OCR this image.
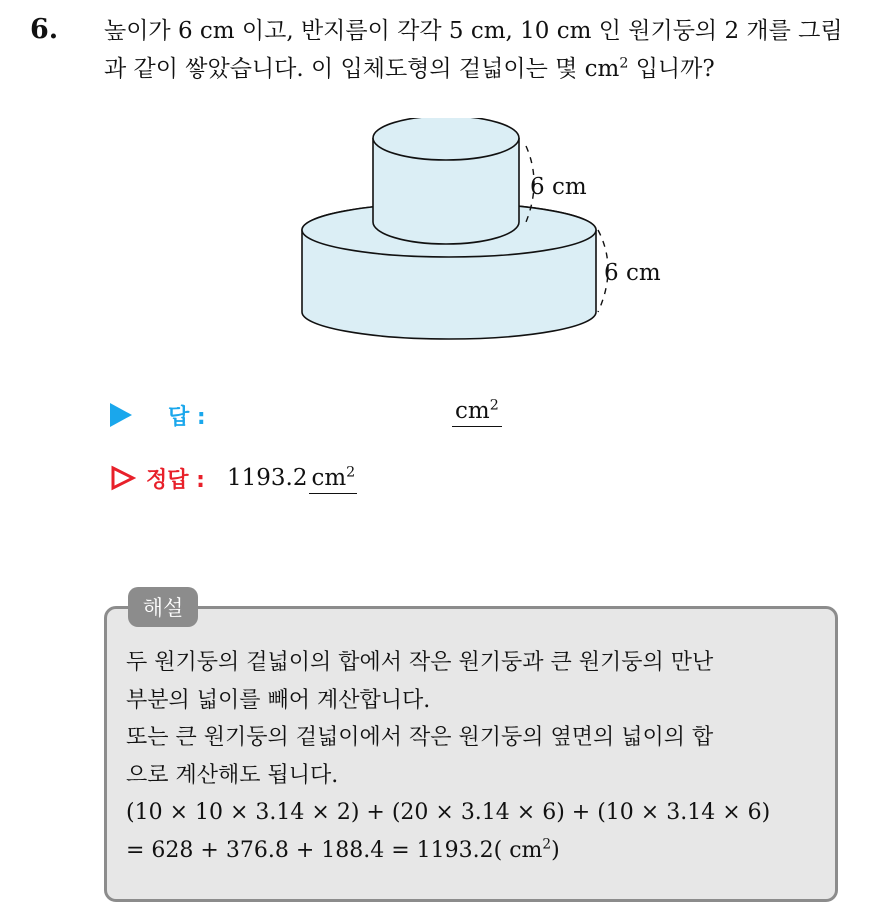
6. 높이가 6 cm 이고, 반지름이 각각 5 cm, 10 cm 인 원기둥의 2 개를 그림
과 같이 쌓았습니다. 이 입체도형의 겉넓이는 몇 $cm^2$ 입니까?
6 cm
6 cm
답 :	$cm^2$
정답 : 1193.2 $cm^2$
해설
두 원기둥의 겉넓이의 합에서 작은 원기둥과 큰 원기둥의 만난
부분의 넓이를 빼어 계산합니다.
또는 큰 원기둥의 겉넓이에서 작은 원기둥의 옆면의 넓이의 합
으로 계산해도 됩니다.
(10 × 10 × 3.14 × 2) + (20 × 3.14 × 6) + (10 × 3.14 × 6)
= 628 + 376.8 + 188.4 = 1193.2( $cm^2$)
